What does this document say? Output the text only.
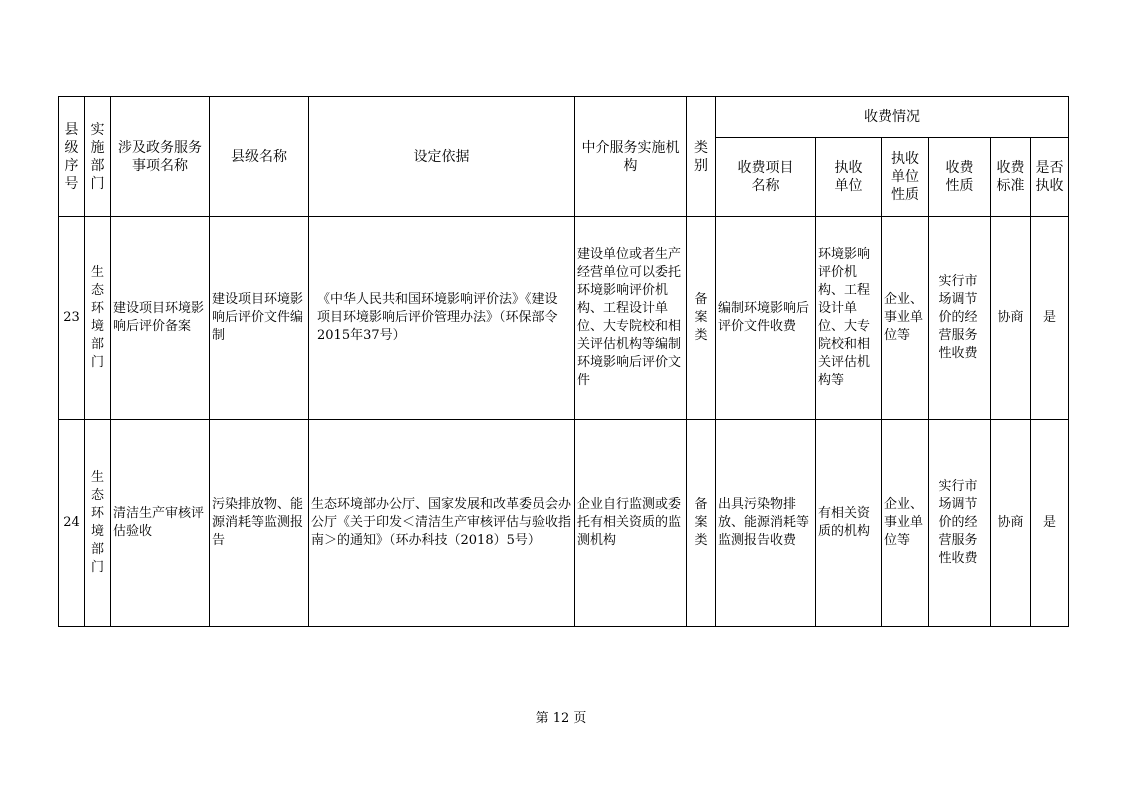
县级序号	实施部门	涉及政务服务事项名称	县级名称	设定依据	中介服务实施机构	类别	收费情况					

							收费项目名称	执收单位	执收单位性质	收费性质	收费标准	是否执收

23	生态环境部门	建设项目环境影响后评价备案	建设项目环境影响后评价文件编制	《中华人民共和国环境影响评价法》《建设项目环境影响后评价管理办法》（环保部令2015年37号）	建设单位或者生产经营单位可以委托环境影响评价机构、工程设计单位、大专院校和相关评估机构等编制环境影响后评价文件	备案类	编制环境影响后评价文件收费	环境影响评价机构、工程设计单位、大专院校和相关评估机构等	企业、事业单位等	实行市场调节价的经营服务性收费	协商	是
24	生态环境部门	清洁生产审核评估验收	污染排放物、能源消耗等监测报告	生态环境部办公厅、国家发展和改革委员会办公厅《关于印发＜清洁生产审核评估与验收指南＞的通知》（环办科技（2018）5号）	企业自行监测或委托有相关资质的监测机构	备案类	出具污染物排放、能源消耗等监测报告收费	有相关资质的机构	企业、事业单位等	实行市场调节价的经营服务性收费	协商	是
第 12 页
